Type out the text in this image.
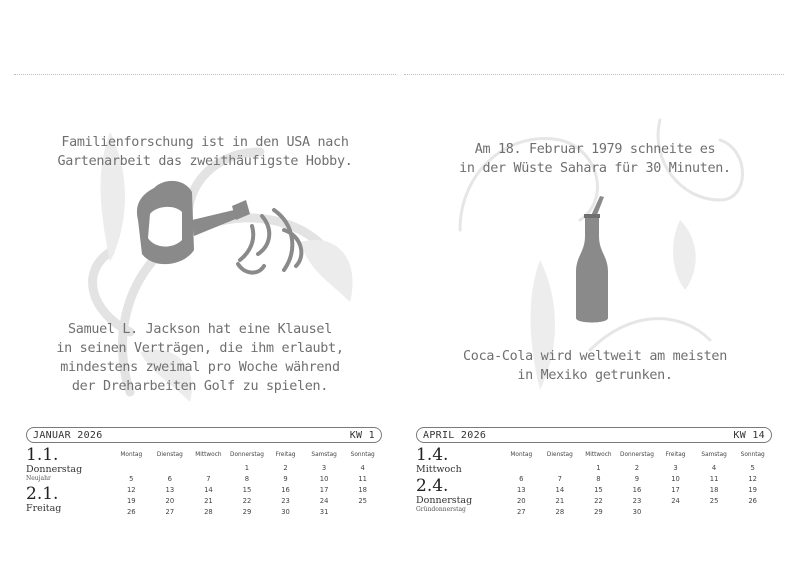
Familienforschung ist in den USA nach
Gartenarbeit das zweithäufigste Hobby.
Samuel L. Jackson hat eine Klausel
in seinen Verträgen, die ihm erlaubt,
mindestens zweimal pro Woche während
der Dreharbeiten Golf zu spielen.
JANUAR 2026	KW 1
1.1.
Donnerstag
Neujahr
2.1.
Freitag
Montag	Dienstag	Mittwoch	Donnerstag	Freitag	Samstag	Sonntag
			1	2	3	4
5	6	7	8	9	10	11
12	13	14	15	16	17	18
19	20	21	22	23	24	25
26	27	28	29	30	31	
Am 18. Februar 1979 schneite es
in der Wüste Sahara für 30 Minuten.
Coca-Cola wird weltweit am meisten
in Mexiko getrunken.
APRIL 2026	KW 14
1.4.
Mittwoch
2.4.
Donnerstag
Gründonnerstag
Montag	Dienstag	Mittwoch	Donnerstag	Freitag	Samstag	Sonntag
		1	2	3	4	5
6	7	8	9	10	11	12
13	14	15	16	17	18	19
20	21	22	23	24	25	26
27	28	29	30			
